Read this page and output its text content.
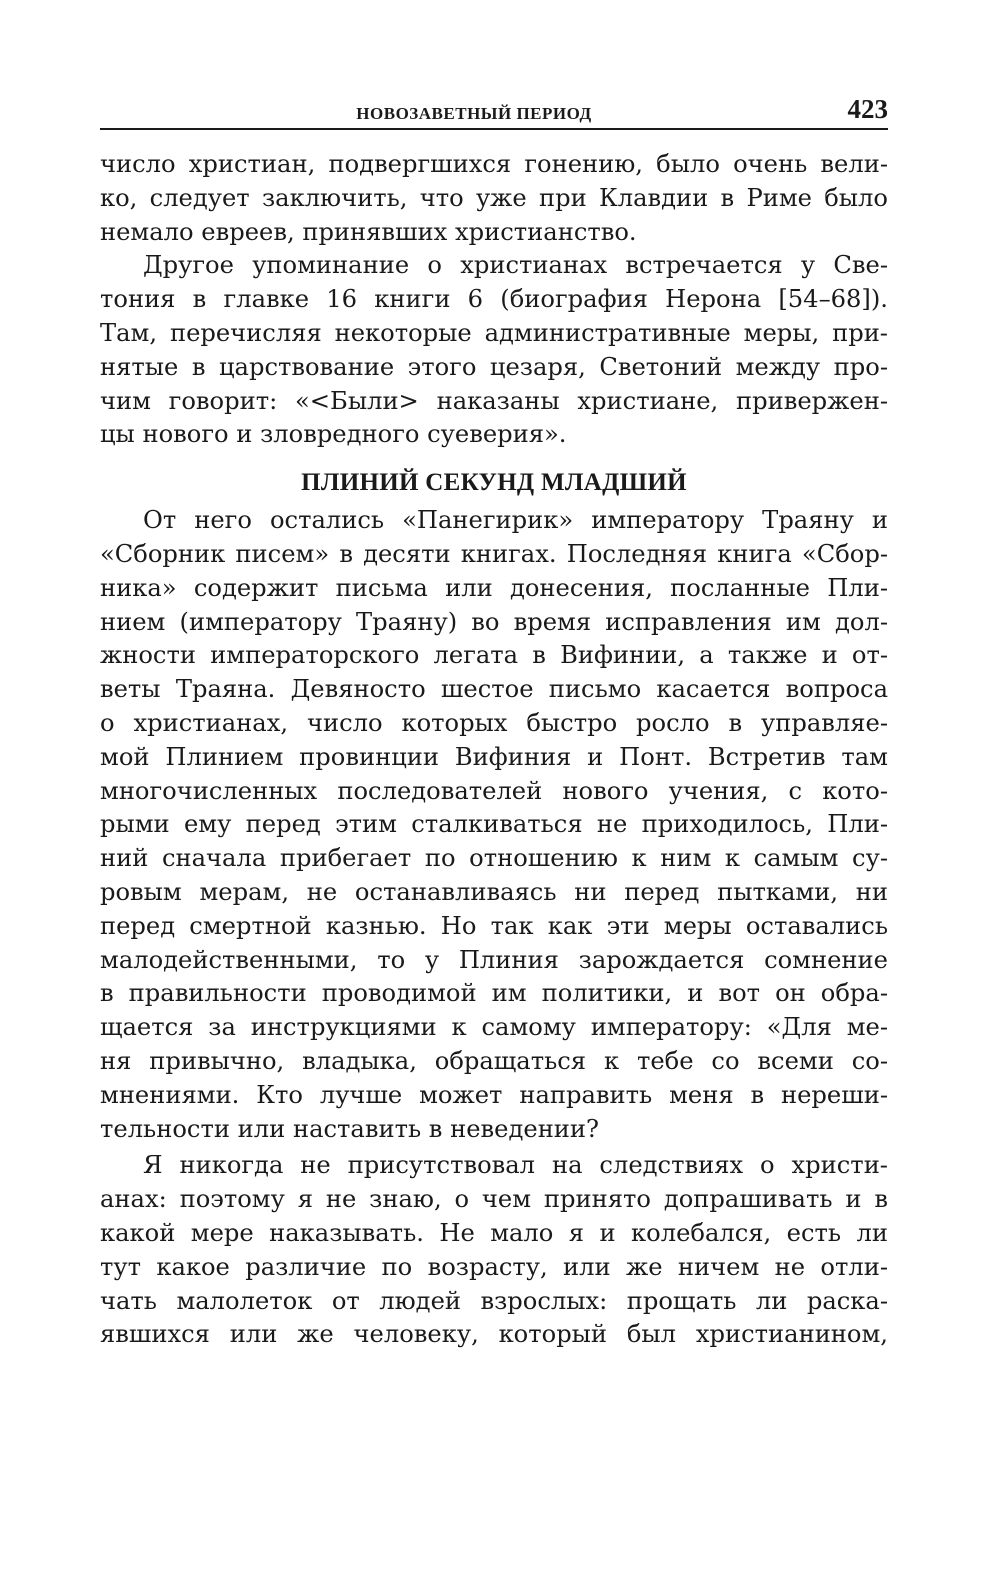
НОВОЗАВЕТНЫЙ ПЕРИОД	423
число христиан, подвергшихся гонению, было очень вели-
ко, следует заключить, что уже при Клавдии в Риме было
немало евреев, принявших христианство.
Другое упоминание о христианах встречается у Све-
тония в главке 16 книги 6 (биография Нерона [54–68]).
Там, перечисляя некоторые административные меры, при-
нятые в царствование этого цезаря, Светоний между про-
чим говорит: «<Были> наказаны христиане, привержен-
цы нового и зловредного суеверия».
ПЛИНИЙ СЕКУНД МЛАДШИЙ
От него остались «Панегирик» императору Траяну и
«Сборник писем» в десяти книгах. Последняя книга «Сбор-
ника» содержит письма или донесения, посланные Пли-
нием (императору Траяну) во время исправления им дол-
жности императорского легата в Вифинии, а также и от-
веты Траяна. Девяносто шестое письмо касается вопроса
о христианах, число которых быстро росло в управляе-
мой Плинием провинции Вифиния и Понт. Встретив там
многочисленных последователей нового учения, с кото-
рыми ему перед этим сталкиваться не приходилось, Пли-
ний сначала прибегает по отношению к ним к самым су-
ровым мерам, не останавливаясь ни перед пытками, ни
перед смертной казнью. Но так как эти меры оставались
малодейственными, то у Плиния зарождается сомнение
в правильности проводимой им политики, и вот он обра-
щается за инструкциями к самому императору: «Для ме-
ня привычно, владыка, обращаться к тебе со всеми со-
мнениями. Кто лучше может направить меня в нереши-
тельности или наставить в неведении?
Я никогда не присутствовал на следствиях о христи-
анах: поэтому я не знаю, о чем принято допрашивать и в
какой мере наказывать. Не мало я и колебался, есть ли
тут какое различие по возрасту, или же ничем не отли-
чать малолеток от людей взрослых: прощать ли раска-
явшихся или же человеку, который был христианином,
